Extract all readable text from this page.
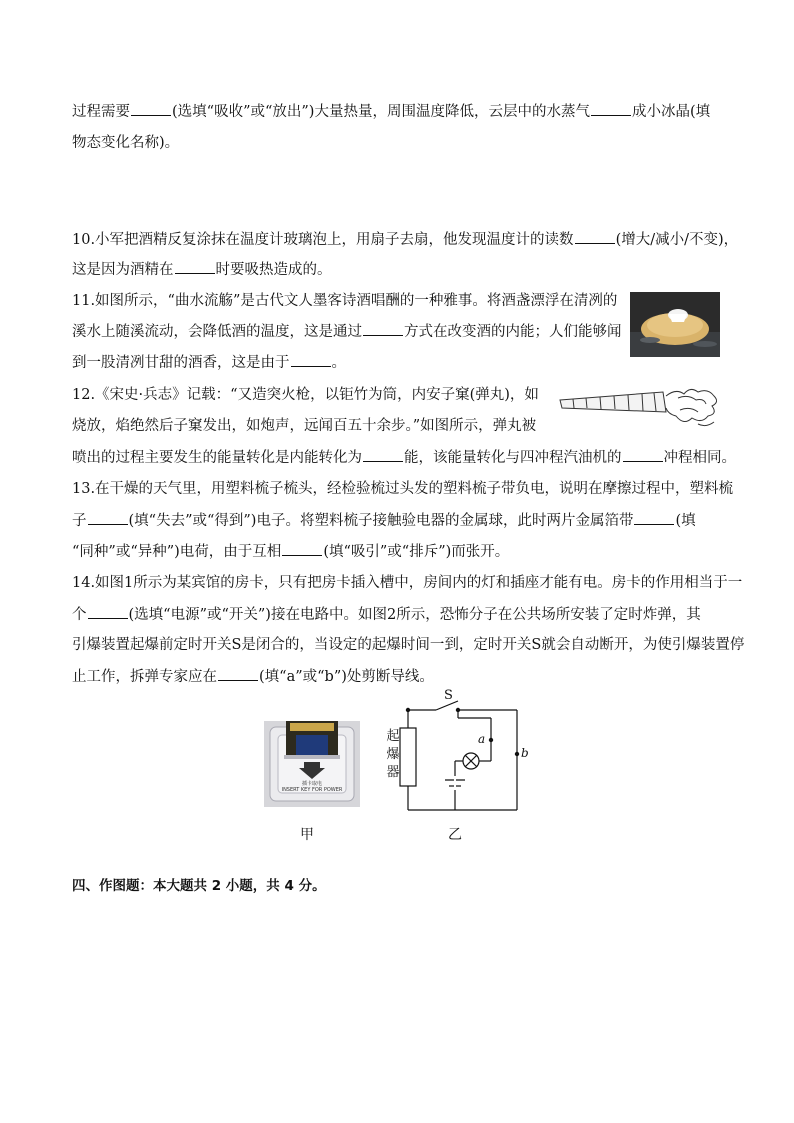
过程需要	(选填“吸收”或“放出”)大量热量，周围温度降低，云层中的水蒸气	成小冰晶(填
物态变化名称)。
10.小军把酒精反复涂抹在温度计玻璃泡上，用扇子去扇，他发现温度计的读数	(增大/减小/不变)，
这是因为酒精在	时要吸热造成的。
11.如图所示，“曲水流觞”是古代文人墨客诗酒唱酬的一种雅事。将酒盏漂浮在清冽的
溪水上随溪流动，会降低酒的温度，这是通过	方式在改变酒的内能；人们能够闻
到一股清冽甘甜的酒香，这是由于	。
12.《宋史·兵志》记载：“又造突火枪，以钜竹为筒，内安子窠(弹丸)，如
烧放，焰绝然后子窠发出，如炮声，远闻百五十余步。”如图所示，弹丸被
喷出的过程主要发生的能量转化是内能转化为	能，该能量转化与四冲程汽油机的	冲程相同。
13.在干燥的天气里，用塑料梳子梳头，经检验梳过头发的塑料梳子带负电，说明在摩擦过程中，塑料梳
子	(填“失去”或“得到”)电子。将塑料梳子接触验电器的金属球，此时两片金属箔带	(填
“同种”或“异种”)电荷，由于互相	(填“吸引”或“排斥”)而张开。
14.如图1所示为某宾馆的房卡，只有把房卡插入槽中，房间内的灯和插座才能有电。房卡的作用相当于一
个	(选填“电源”或“开关”)接在电路中。如图2所示，恐怖分子在公共场所安装了定时炸弹，其
引爆装置起爆前定时开关S是闭合的，当设定的起爆时间一到，定时开关S就会自动断开，为使引爆装置停
止工作，拆弹专家应在	(填“a”或“b”)处剪断导线。
插卡取电
INSERT KEY FOR POWER
S
a
b
起
爆
器
甲	乙
四、作图题：本大题共 2 小题，共 4 分。
